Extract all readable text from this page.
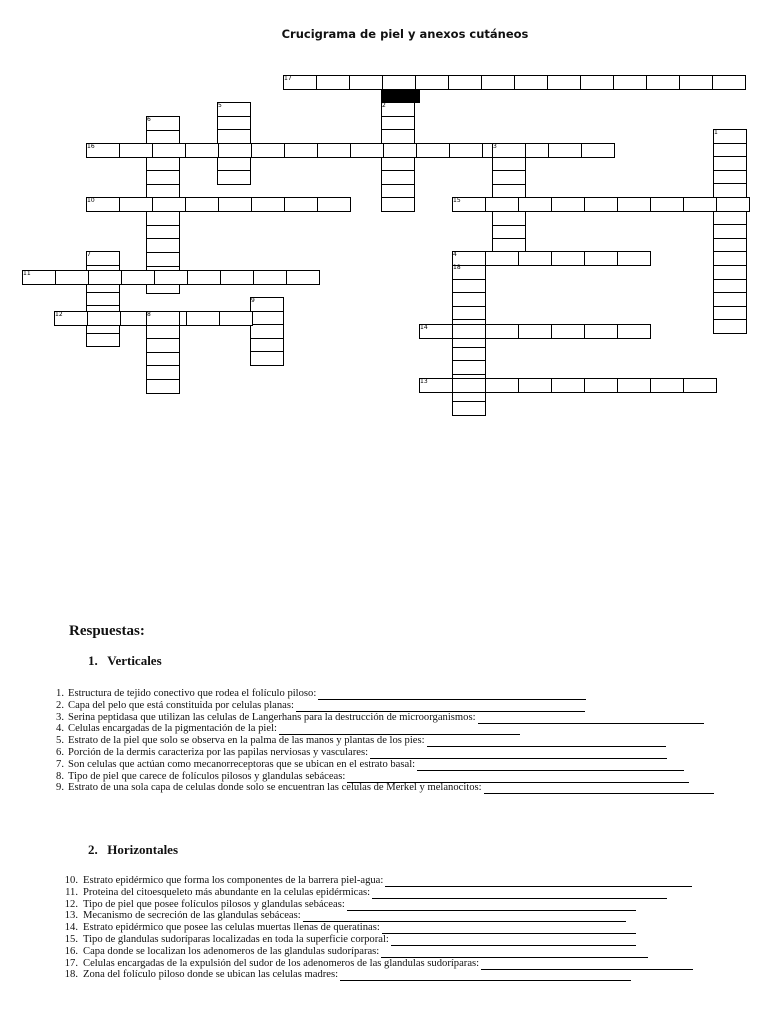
Crucigrama de piel y anexos cutáneos
17
2
5
6
1
16	3
10	15
7	4
18
11
9
12	8
14
13
Respuestas:
1. Verticales
1. Estructura de tejido conectivo que rodea el folículo piloso:
2. Capa del pelo que está constituida por celulas planas:
3. Serina peptidasa que utilizan las celulas de Langerhans para la destrucción de microorganismos:
4. Celulas encargadas de la pigmentación de la piel:
5. Estrato de la piel que solo se observa en la palma de las manos y plantas de los pies:
6. Porción de la dermis caracteriza por las papilas nerviosas y vasculares:
7. Son celulas que actúan como mecanorreceptoras que se ubican en el estrato basal:
8. Tipo de piel que carece de folículos pilosos y glandulas sebáceas:
9. Estrato de una sola capa de celulas donde solo se encuentran las celulas de Merkel y melanocitos:
2. Horizontales
10. Estrato epidérmico que forma los componentes de la barrera piel-agua:
11. Proteina del citoesqueleto más abundante en la celulas epidérmicas:
12. Tipo de piel que posee folículos pilosos y glandulas sebáceas:
13. Mecanismo de secreción de las glandulas sebáceas:
14. Estrato epidérmico que posee las celulas muertas llenas de queratinas:
15. Tipo de glandulas sudoríparas localizadas en toda la superficie corporal:
16. Capa donde se localizan los adenomeros de las glandulas sudoríparas:
17. Celulas encargadas de la expulsión del sudor de los adenomeros de las glandulas sudoríparas:
18. Zona del folículo piloso donde se ubican las celulas madres:
